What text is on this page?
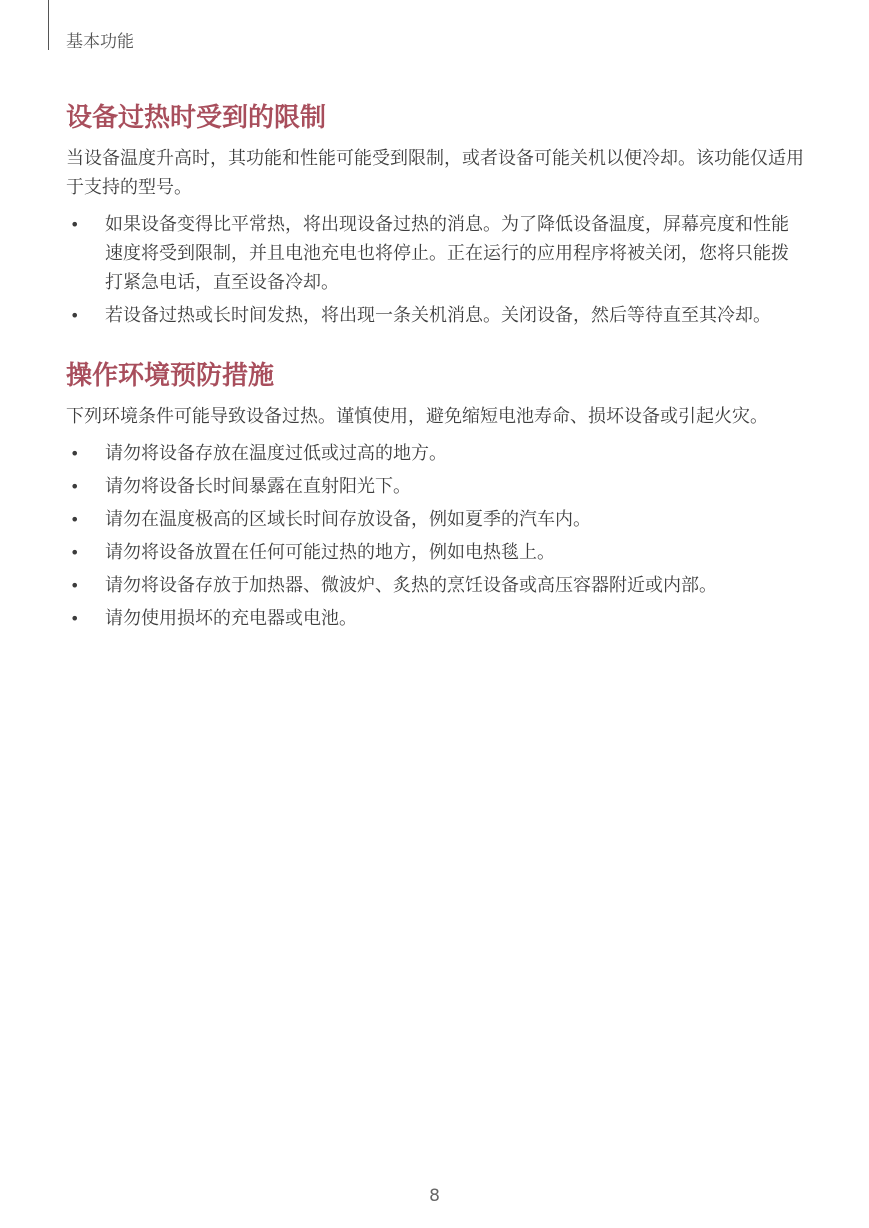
基本功能
设备过热时受到的限制

当设备温度升高时，其功能和性能可能受到限制，或者设备可能关机以便冷却。该功能仅适用于支持的型号。

• 如果设备变得比平常热，将出现设备过热的消息。为了降低设备温度，屏幕亮度和性能速度将受到限制，并且电池充电也将停止。正在运行的应用程序将被关闭，您将只能拨打紧急电话，直至设备冷却。
• 若设备过热或长时间发热，将出现一条关机消息。关闭设备，然后等待直至其冷却。
操作环境预防措施

下列环境条件可能导致设备过热。谨慎使用，避免缩短电池寿命、损坏设备或引起火灾。

• 请勿将设备存放在温度过低或过高的地方。
• 请勿将设备长时间暴露在直射阳光下。
• 请勿在温度极高的区域长时间存放设备，例如夏季的汽车内。
• 请勿将设备放置在任何可能过热的地方，例如电热毯上。
• 请勿将设备存放于加热器、微波炉、炙热的烹饪设备或高压容器附近或内部。
• 请勿使用损坏的充电器或电池。
8
